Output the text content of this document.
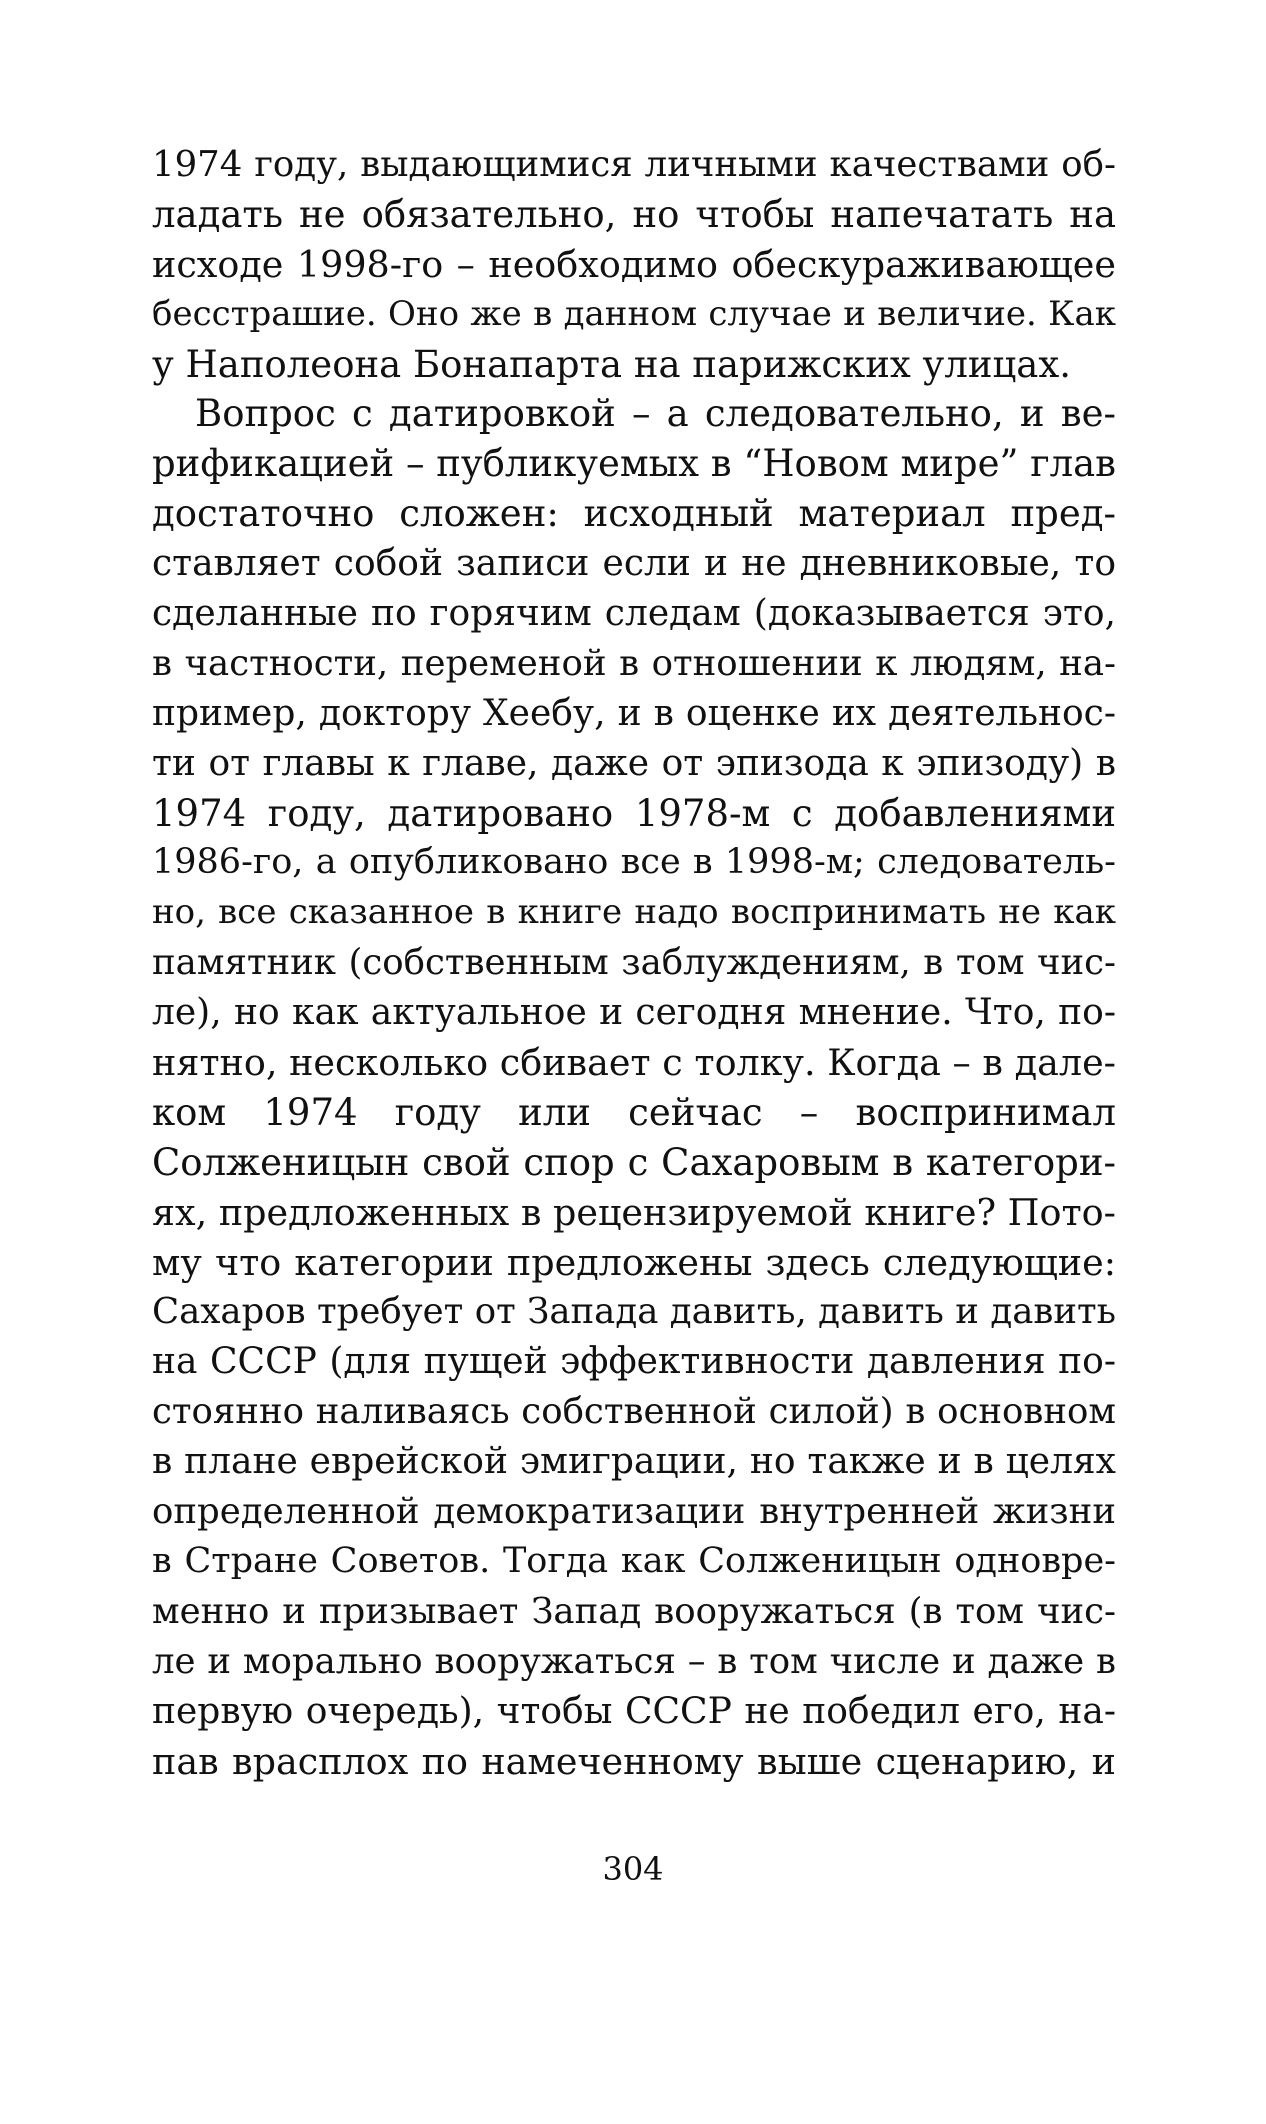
1974 году, выдающимися личными качествами об-
ладать не обязательно, но чтобы напечатать на
исходе 1998-го – необходимо обескураживающее
бесстрашие. Оно же в данном случае и величие. Как
у Наполеона Бонапарта на парижских улицах.
Вопрос с датировкой – а следовательно, и ве-
рификацией – публикуемых в “Новом мире” глав
достаточно сложен: исходный материал пред-
ставляет собой записи если и не дневниковые, то
сделанные по горячим следам (доказывается это,
в частности, переменой в отношении к людям, на-
пример, доктору Хеебу, и в оценке их деятельнос-
ти от главы к главе, даже от эпизода к эпизоду) в
1974 году, датировано 1978-м с добавлениями
1986-го, а опубликовано все в 1998-м; следователь-
но, все сказанное в книге надо воспринимать не как
памятник (собственным заблуждениям, в том чис-
ле), но как актуальное и сегодня мнение. Что, по-
нятно, несколько сбивает с толку. Когда – в дале-
ком 1974 году или сейчас – воспринимал
Солженицын свой спор с Сахаровым в категори-
ях, предложенных в рецензируемой книге? Пото-
му что категории предложены здесь следующие:
Сахаров требует от Запада давить, давить и давить
на СССР (для пущей эффективности давления по-
стоянно наливаясь собственной силой) в основном
в плане еврейской эмиграции, но также и в целях
определенной демократизации внутренней жизни
в Стране Советов. Тогда как Солженицын одновре-
менно и призывает Запад вооружаться (в том чис-
ле и морально вооружаться – в том числе и даже в
первую очередь), чтобы СССР не победил его, на-
пав врасплох по намеченному выше сценарию, и
304
